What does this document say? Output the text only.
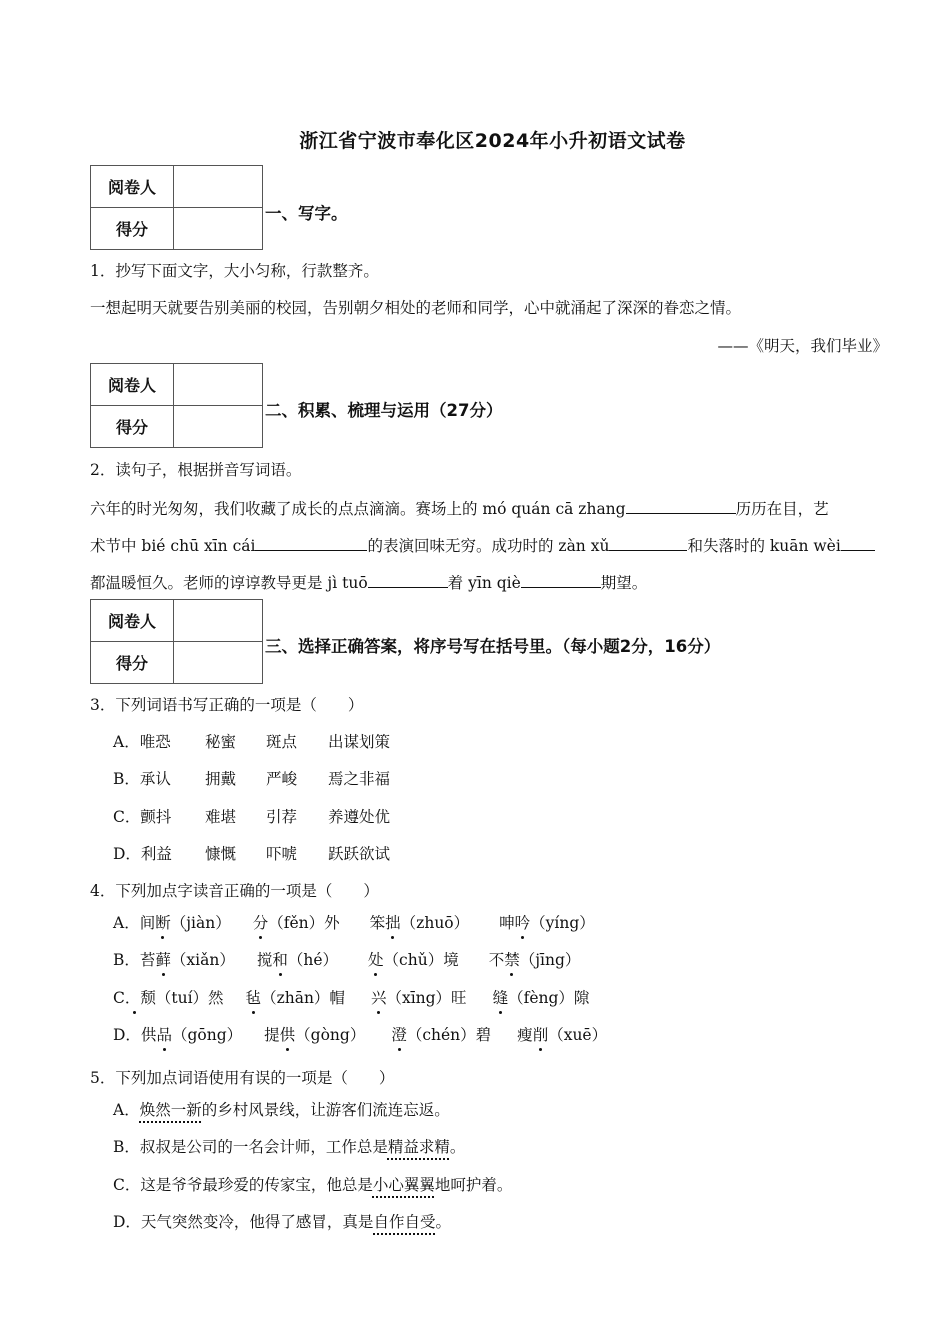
浙江省宁波市奉化区2024年小升初语文试卷
阅卷人	
得分	
一、写字。
1．抄写下面文字，大小匀称，行款整齐。
一想起明天就要告别美丽的校园，告别朝夕相处的老师和同学，心中就涌起了深深的眷恋之情。
——《明天，我们毕业》
阅卷人	
得分	
二、积累、梳理与运用（27分）
2．读句子，根据拼音写词语。
六年的时光匆匆，我们收藏了成长的点点滴滴。赛场上的 mó quán cā zhang	历历在目，艺
术节中 bié chū xīn cái	的表演回味无穷。成功时的 zàn xǔ	和失落时的 kuān wèi
都温暖恒久。老师的谆谆教导更是 jì tuō	着 yīn qiè	期望。
阅卷人	
得分	
三、选择正确答案，将序号写在括号里。（每小题2分，16分）
3．下列词语书写正确的一项是（　　）
A．唯恐 秘蜜 斑点 出谋划策
B．承认 拥戴 严峻 焉之非福
C．颤抖 难堪 引荐 养遵处优
D．利益 慷慨 吓唬 跃跃欲试
4．下列加点字读音正确的一项是（　　）
A．间断（jiàn） 分（fěn）外 笨拙（zhuō） 呻吟（yíng）
B．苔藓（xiǎn） 搅和（hé） 处（chǔ）境 不禁（jīng）
C．颓（tuí）然 毡（zhān）帽 兴（xīng）旺 缝（fèng）隙
D．供品（gōng） 提供（gòng） 澄（chén）碧 瘦削（xuē）
5．下列加点词语使用有误的一项是（　　）
A．焕然一新的乡村风景线，让游客们流连忘返。
B．叔叔是公司的一名会计师，工作总是精益求精。
C．这是爷爷最珍爱的传家宝，他总是小心翼翼地呵护着。
D．天气突然变冷，他得了感冒，真是自作自受。
